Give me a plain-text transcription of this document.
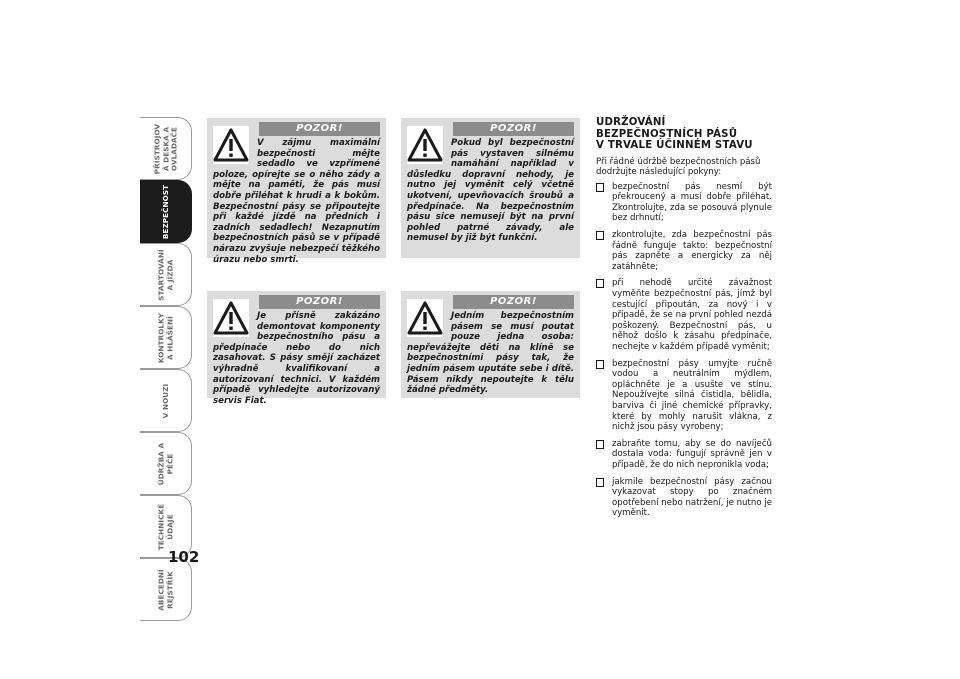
PŘÍSTROJOV
Á DESKA A
OVLADAČE
BEZPEČNOST
STARTOVÁNÍ
A JÍZDA
KONTROLKY
A HLÁŠENÍ
V NOUZI
ÚDRŽBA A
PÉČE
TECHNICKÉ
ÚDAJE
ABECEDNÍ
REJSTŘÍK
102
POZOR!
V zájmu maximální bezpečnosti mějte sedadlo ve vzpřímené poloze, opírejte se o něho zády a mějte na paměti, že pás musí dobře přiléhat k hrudi a k bokům. Bezpečnostní pásy se připoutejte při každé jízdě na předních i zadních sedadlech! Nezapnutím bezpečnostních pásů se v případě nárazu zvyšuje nebezpečí těžkého úrazu nebo smrti.
POZOR!
Pokud byl bezpečnostní pás vystaven silnému namáhání například v důsledku dopravní nehody, je nutno jej vyměnit celý včetně ukotvení, upevňovacích šroubů a předpínače. Na bezpečnostním pásu sice nemusejí být na první pohled patrné závady, ale nemusel by již být funkční.
POZOR!
Je přísně zakázáno demontovat komponenty bezpečnostního pásu a předpínače nebo do nich zasahovat. S pásy smějí zacházet výhradně kvalifikovaní a autorizovaní technici. V každém případě vyhledejte autorizovaný servis Fiat.
POZOR!
Jedním bezpečnostním pásem se musí poutat pouze jedna osoba: nepřevážejte děti na klíně se bezpečnostními pásy tak, že jedním pásem uputáte sebe i dítě. Pásem nikdy nepoutejte k tělu žádné předměty.
UDRŽOVÁNÍ
BEZPEČNOSTNÍCH PÁSŮ
V TRVALE ÚČINNÉM STAVU

Při řádné údržbě bezpečnostních pásů dodržujte následující pokyny:

bezpečnostní pás nesmí být překroucený a musí dobře přiléhat. Zkontrolujte, zda se posouvá plynule bez drhnutí;
zkontrolujte, zda bezpečnostní pás řádně funguje takto: bezpečnostní pás zapněte a energicky za něj zatáhněte;
při nehodě určité závažnost vyměňte bezpečnostní pás, jímž byl cestující připoután, za nový i v případě, že se na první pohled nezdá poškozený. Bezpečnostní pás, u něhož došlo k zásahu předpínače, nechejte v každém případě vyměnit;
bezpečnostní pásy umyjte ručně vodou a neutrálním mýdlem, opláchněte je a usušte ve stínu. Nepoužívejte silná čistidla, bělidla, barviva či jiné chemické přípravky, které by mohly narušit vlákna, z nichž jsou pásy vyrobeny;
zabraňte tomu, aby se do navíječů dostala voda: fungují správně jen v případě, že do nich nepronikla voda;
jakmile bezpečnostní pásy začnou vykazovat stopy po značném opotřebení nebo natržení, je nutno je vyměnit.
